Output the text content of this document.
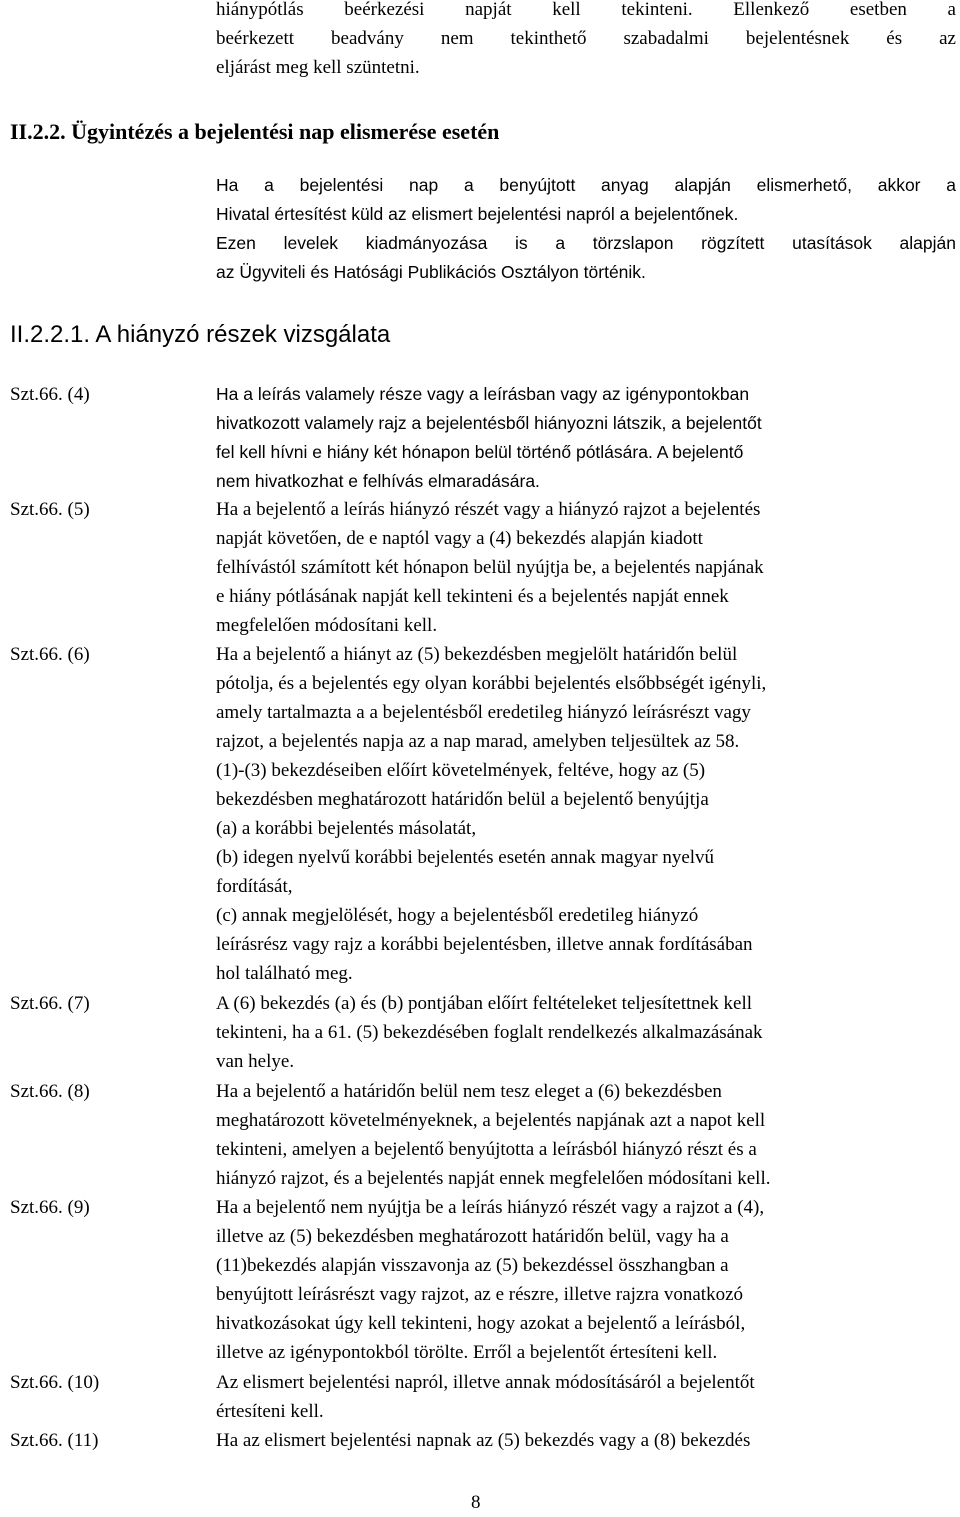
hiánypótlás beérkezési napját kell tekinteni. Ellenkező esetben a
beérkezett beadvány nem tekinthető szabadalmi bejelentésnek és az
eljárást meg kell szüntetni.
II.2.2. Ügyintézés a bejelentési nap elismerése esetén
Ha a bejelentési nap a benyújtott anyag alapján elismerhető, akkor a
Hivatal értesítést küld az elismert bejelentési napról a bejelentőnek.
Ezen levelek kiadmányozása is a törzslapon rögzített utasítások alapján
az Ügyviteli és Hatósági Publikációs Osztályon történik.
II.2.2.1. A hiányzó részek vizsgálata
Szt.66. (4)	Ha a leírás valamely része vagy a leírásban vagy az igénypontokban
hivatkozott valamely rajz a bejelentésből hiányozni látszik, a bejelentőt
fel kell hívni e hiány két hónapon belül történő pótlására. A bejelentő
nem hivatkozhat e felhívás elmaradására.
Szt.66. (5)	Ha a bejelentő a leírás hiányzó részét vagy a hiányzó rajzot a bejelentés
napját követően, de e naptól vagy a (4) bekezdés alapján kiadott
felhívástól számított két hónapon belül nyújtja be, a bejelentés napjának
e hiány pótlásának napját kell tekinteni és a bejelentés napját ennek
megfelelően módosítani kell.
Szt.66. (6)	Ha a bejelentő a hiányt az (5) bekezdésben megjelölt határidőn belül
pótolja, és a bejelentés egy olyan korábbi bejelentés elsőbbségét igényli,
amely tartalmazta a a bejelentésből eredetileg hiányzó leírásrészt vagy
rajzot, a bejelentés napja az a nap marad, amelyben teljesültek az 58.
(1)-(3) bekezdéseiben előírt követelmények, feltéve, hogy az (5)
bekezdésben meghatározott határidőn belül a bejelentő benyújtja
(a) a korábbi bejelentés másolatát,
(b) idegen nyelvű korábbi bejelentés esetén annak magyar nyelvű
fordítását,
(c) annak megjelölését, hogy a bejelentésből eredetileg hiányzó
leírásrész vagy rajz a korábbi bejelentésben, illetve annak fordításában
hol található meg.
Szt.66. (7)	A (6) bekezdés (a) és (b) pontjában előírt feltételeket teljesítettnek kell
tekinteni, ha a 61. (5) bekezdésében foglalt rendelkezés alkalmazásának
van helye.
Szt.66. (8)	Ha a bejelentő a határidőn belül nem tesz eleget a (6) bekezdésben
meghatározott követelményeknek, a bejelentés napjának azt a napot kell
tekinteni, amelyen a bejelentő benyújtotta a leírásból hiányzó részt és a
hiányzó rajzot, és a bejelentés napját ennek megfelelően módosítani kell.
Szt.66. (9)	Ha a bejelentő nem nyújtja be a leírás hiányzó részét vagy a rajzot a (4),
illetve az (5) bekezdésben meghatározott határidőn belül, vagy ha a
(11)bekezdés alapján visszavonja az (5) bekezdéssel összhangban a
benyújtott leírásrészt vagy rajzot, az e részre, illetve rajzra vonatkozó
hivatkozásokat úgy kell tekinteni, hogy azokat a bejelentő a leírásból,
illetve az igénypontokból törölte. Erről a bejelentőt értesíteni kell.
Szt.66. (10)	Az elismert bejelentési napról, illetve annak módosításáról a bejelentőt
értesíteni kell.
Szt.66. (11)	Ha az elismert bejelentési napnak az (5) bekezdés vagy a (8) bekezdés
8
